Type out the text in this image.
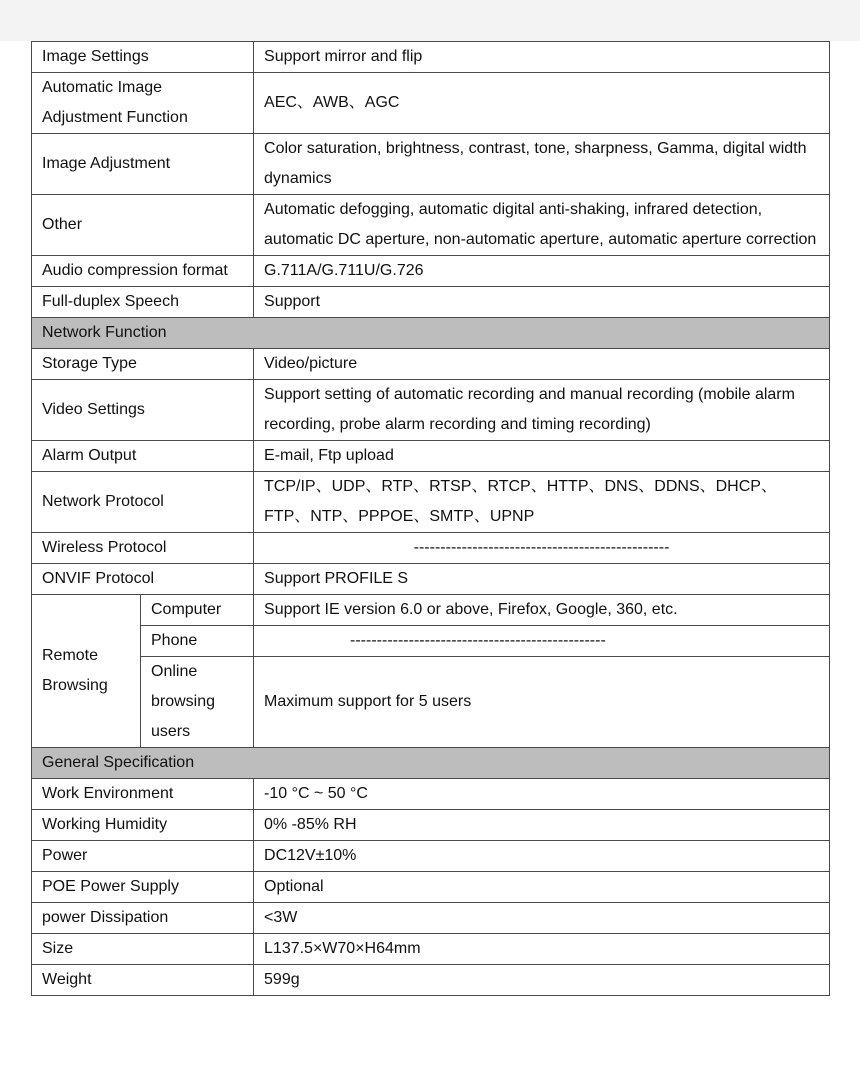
Image Settings		Support mirror and flip
Automatic Image Adjustment Function		AEC、AWB、AGC
Image Adjustment		Color saturation, brightness, contrast, tone, sharpness, Gamma, digital width dynamics
Other		Automatic defogging, automatic digital anti-shaking, infrared detection, automatic DC aperture, non-automatic aperture, automatic aperture correction
Audio compression format		G.711A/G.711U/G.726
Full-duplex Speech		Support
Network Function		
Storage Type		Video/picture
Video Settings		Support setting of automatic recording and manual recording (mobile alarm recording, probe alarm recording and timing recording)
Alarm Output		E-mail, Ftp upload
Network Protocol		TCP/IP、UDP、RTP、RTSP、RTCP、HTTP、DNS、DDNS、DHCP、FTP、NTP、PPPOE、SMTP、UPNP
Wireless Protocol		------------------------------------------------
ONVIF Protocol		Support PROFILE S
Remote Browsing	Computer	Support IE version 6.0 or above, Firefox, Google, 360, etc.
	Phone	------------------------------------------------
	Online browsing users	Maximum support for 5 users
General Specification		
Work Environment		-10 °C ~ 50 °C
Working Humidity		0% -85% RH
Power		DC12V±10%
POE Power Supply		Optional
power Dissipation		<3W
Size		L137.5×W70×H64mm
Weight		599g
